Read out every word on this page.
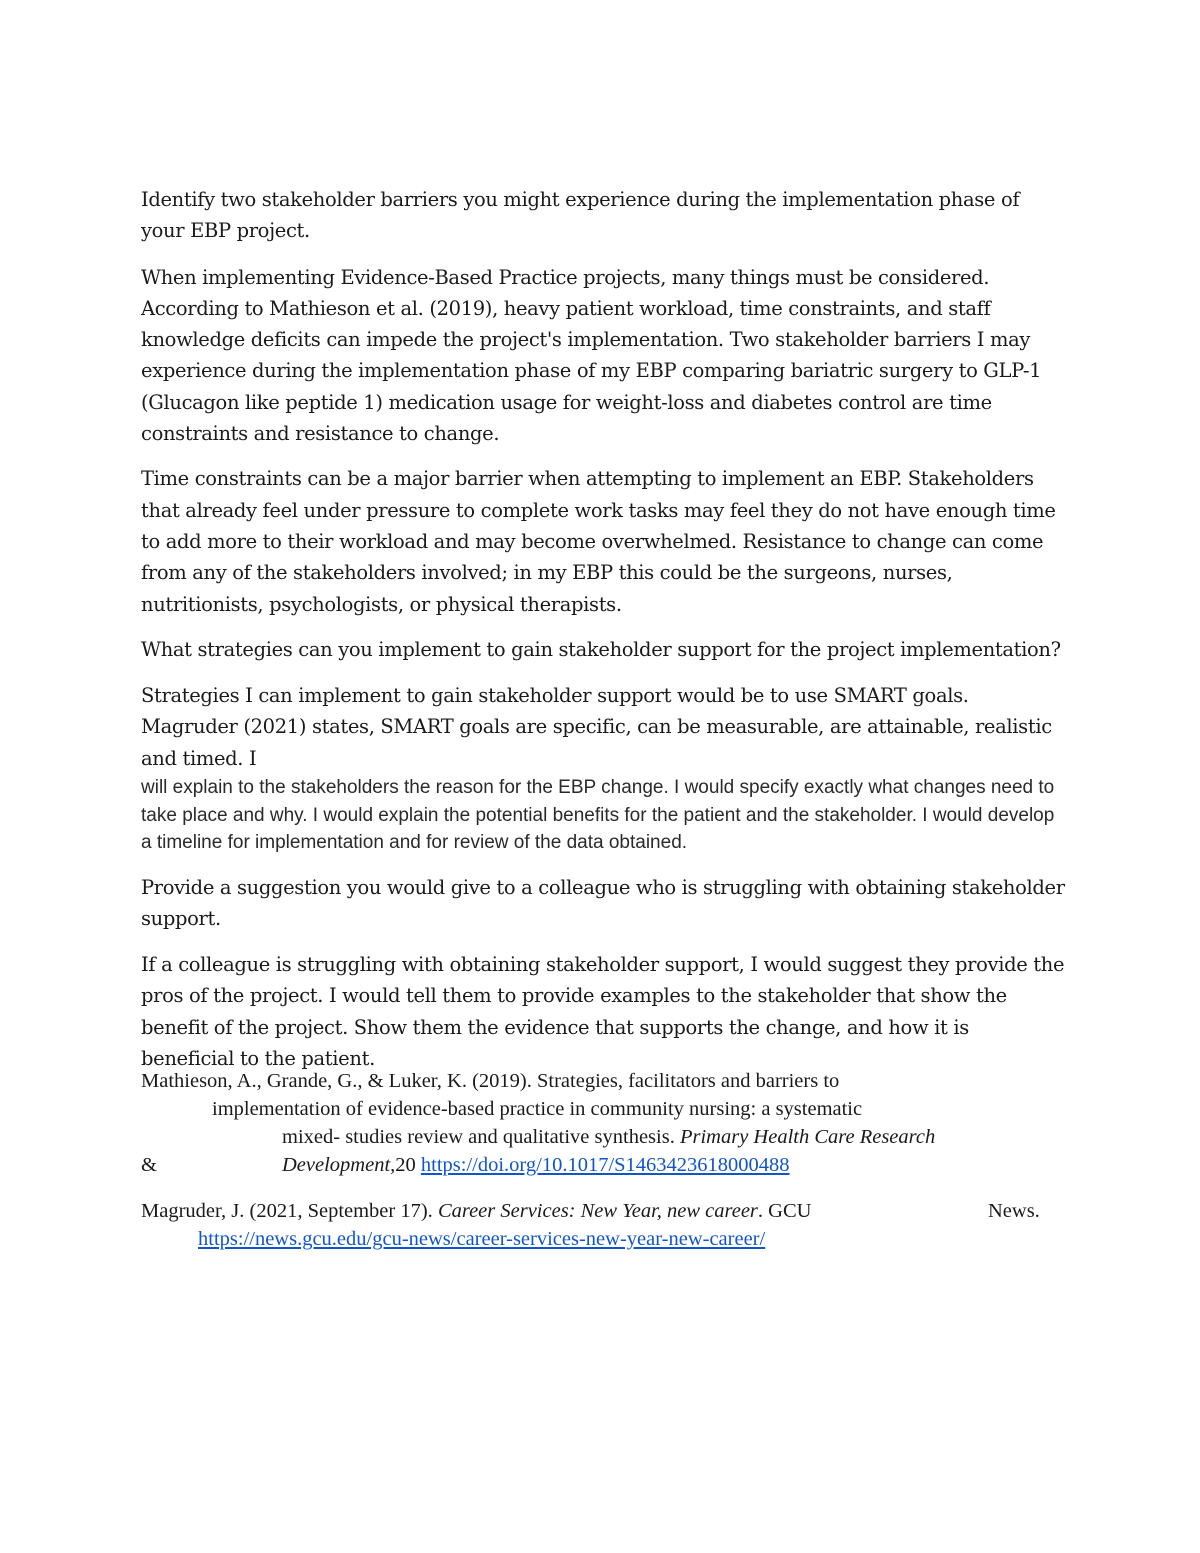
Identify two stakeholder barriers you might experience during the implementation phase of your EBP project.

When implementing Evidence-Based Practice projects, many things must be considered. According to Mathieson et al. (2019), heavy patient workload, time constraints, and staff knowledge deficits can impede the project's implementation. Two stakeholder barriers I may experience during the implementation phase of my EBP comparing bariatric surgery to GLP-1 (Glucagon like peptide 1) medication usage for weight-loss and diabetes control are time constraints and resistance to change.

Time constraints can be a major barrier when attempting to implement an EBP. Stakeholders that already feel under pressure to complete work tasks may feel they do not have enough time to add more to their workload and may become overwhelmed. Resistance to change can come from any of the stakeholders involved; in my EBP this could be the surgeons, nurses, nutritionists, psychologists, or physical therapists.

What strategies can you implement to gain stakeholder support for the project implementation?

Strategies I can implement to gain stakeholder support would be to use SMART goals. Magruder (2021) states, SMART goals are specific, can be measurable, are attainable, realistic and timed. I
will explain to the stakeholders the reason for the EBP change. I would specify exactly what changes need to take place and why. I would explain the potential benefits for the patient and the stakeholder. I would develop a timeline for implementation and for review of the data obtained.

Provide a suggestion you would give to a colleague who is struggling with obtaining stakeholder support.

If a colleague is struggling with obtaining stakeholder support, I would suggest they provide the pros of the project. I would tell them to provide examples to the stakeholder that show the benefit of the project. Show them the evidence that supports the change, and how it is beneficial to the patient.

Mathieson, A., Grande, G., & Luker, K. (2019). Strategies, facilitators and barriers to
implementation of evidence-based practice in community nursing: a systematic
mixed- studies review and qualitative synthesis. Primary Health Care Research
&	Development,20 https://doi.org/10.1017/S1463423618000488
Magruder, J. (2021, September 17). Career Services: New Year, new career. GCU	News.
https://news.gcu.edu/gcu-news/career-services-new-year-new-career/
